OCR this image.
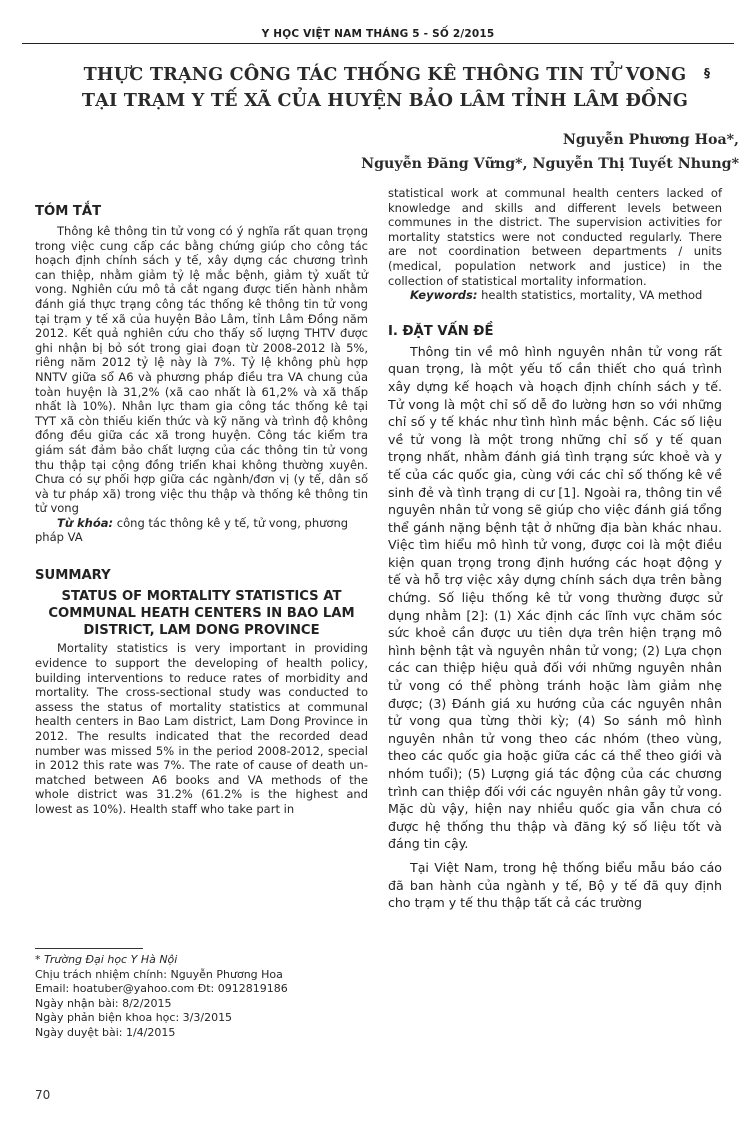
Y HỌC VIỆT NAM THÁNG 5 - SỐ 2/2015
§
THỰC TRẠNG CÔNG TÁC THỐNG KÊ THÔNG TIN TỬ VONG
TẠI TRẠM Y TẾ XÃ CỦA HUYỆN BẢO LÂM TỈNH LÂM ĐỒNG
Nguyễn Phương Hoa*,
Nguyễn Đăng Vững*, Nguyễn Thị Tuyết Nhung*
TÓM TẮT

Thông kê thông tin tử vong có ý nghĩa rất quan trọng trong việc cung cấp các bằng chứng giúp cho công tác hoạch định chính sách y tế, xây dựng các chương trình can thiệp, nhằm giảm tỷ lệ mắc bệnh, giảm tỷ xuất tử vong. Nghiên cứu mô tả cắt ngang được tiến hành nhằm đánh giá thực trạng công tác thống kê thông tin tử vong tại trạm y tế xã của huyện Bảo Lâm, tỉnh Lâm Đồng năm 2012. Kết quả nghiên cứu cho thấy số lượng THTV được ghi nhận bị bỏ sót trong giai đoạn từ 2008-2012 là 5%, riêng năm 2012 tỷ lệ này là 7%. Tỷ lệ không phù hợp NNTV giữa sổ A6 và phương pháp điều tra VA chung của toàn huyện là 31,2% (xã cao nhất là 61,2% và xã thấp nhất là 10%). Nhân lực tham gia công tác thống kê tại TYT xã còn thiếu kiến thức và kỹ năng và trình độ không đồng đều giữa các xã trong huyện. Công tác kiểm tra giám sát đảm bảo chất lượng của các thông tin tử vong thu thập tại cộng đồng triển khai không thường xuyên. Chưa có sự phối hợp giữa các ngành/đơn vị (y tế, dân số và tư pháp xã) trong việc thu thập và thống kê thông tin tử vong

Từ khóa: công tác thông kê y tế, tử vong, phương pháp VA

SUMMARY
STATUS OF MORTALITY STATISTICS AT COMMUNAL HEATH CENTERS IN BAO LAM DISTRICT, LAM DONG PROVINCE

Mortality statistics is very important in providing evidence to support the developing of health policy, building interventions to reduce rates of morbidity and mortality. The cross-sectional study was conducted to assess the status of mortality statistics at communal health centers in Bao Lam district, Lam Dong Province in 2012. The results indicated that the recorded dead number was missed 5% in the period 2008-2012, special in 2012 this rate was 7%. The rate of cause of death un-matched between A6 books and VA methods of the whole district was 31.2% (61.2% is the highest and lowest as 10%). Health staff who take part in

* Trường Đại học Y Hà Nội
Chịu trách nhiệm chính: Nguyễn Phương Hoa
Email: hoatuber@yahoo.com Đt: 0912819186
Ngày nhận bài: 8/2/2015
Ngày phản biện khoa học: 3/3/2015
Ngày duyệt bài: 1/4/2015

statistical work at communal health centers lacked of knowledge and skills and different levels between communes in the district. The supervision activities for mortality statstics were not conducted regularly. There are not coordination between departments / units (medical, population network and justice) in the collection of statistical mortality information.

Keywords: health statistics, mortality, VA method

I. ĐẶT VẤN ĐỀ

Thông tin về mô hình nguyên nhân tử vong rất quan trọng, là một yếu tố cần thiết cho quá trình xây dựng kế hoạch và hoạch định chính sách y tế. Tử vong là một chỉ số dễ đo lường hơn so với những chỉ số y tế khác như tình hình mắc bệnh. Các số liệu về tử vong là một trong những chỉ số y tế quan trọng nhất, nhằm đánh giá tình trạng sức khoẻ và y tế của các quốc gia, cùng với các chỉ số thống kê về sinh đẻ và tình trạng di cư [1]. Ngoài ra, thông tin về nguyên nhân tử vong sẽ giúp cho việc đánh giá tổng thể gánh nặng bệnh tật ở những địa bàn khác nhau. Việc tìm hiểu mô hình tử vong, được coi là một điều kiện quan trọng trong định hướng các hoạt động y tế và hỗ trợ việc xây dựng chính sách dựa trên bằng chứng. Số liệu thống kê tử vong thường được sử dụng nhằm [2]: (1) Xác định các lĩnh vực chăm sóc sức khoẻ cần được ưu tiên dựa trên hiện trạng mô hình bệnh tật và nguyên nhân tử vong; (2) Lựa chọn các can thiệp hiệu quả đối với những nguyên nhân tử vong có thể phòng tránh hoặc làm giảm nhẹ được; (3) Đánh giá xu hướng của các nguyên nhân tử vong qua từng thời kỳ; (4) So sánh mô hình nguyên nhân tử vong theo các nhóm (theo vùng, theo các quốc gia hoặc giữa các cá thể theo giới và nhóm tuổi); (5) Lượng giá tác động của các chương trình can thiệp đối với các nguyên nhân gây tử vong. Mặc dù vậy, hiện nay nhiều quốc gia vẫn chưa có được hệ thống thu thập và đăng ký số liệu tốt và đáng tin cậy.

Tại Việt Nam, trong hệ thống biểu mẫu báo cáo đã ban hành của ngành y tế, Bộ y tế đã quy định cho trạm y tế thu thập tất cả các trường

70
